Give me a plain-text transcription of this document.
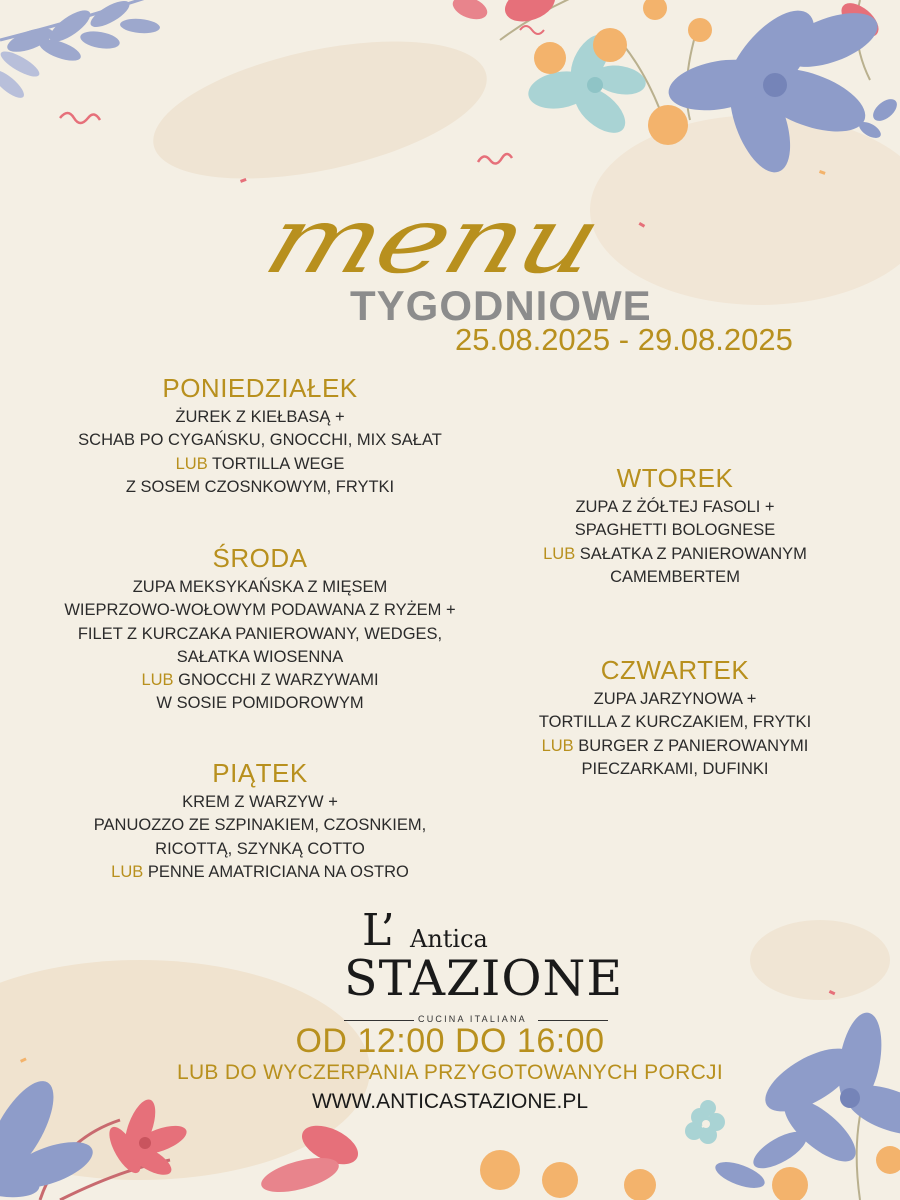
menu
TYGODNIOWE
25.08.2025 - 29.08.2025
PONIEDZIAŁEK
ŻUREK Z KIEŁBASĄ +
SCHAB PO CYGAŃSKU, GNOCCHI, MIX SAŁAT
LUB TORTILLA WEGE
Z SOSEM CZOSNKOWYM, FRYTKI
ŚRODA
ZUPA MEKSYKAŃSKA Z MIĘSEM
WIEPRZOWO-WOŁOWYM PODAWANA Z RYŻEM +
FILET Z KURCZAKA PANIEROWANY, WEDGES,
SAŁATKA WIOSENNA
LUB GNOCCHI Z WARZYWAMI
W SOSIE POMIDOROWYM
PIĄTEK
KREM Z WARZYW +
PANUOZZO ZE SZPINAKIEM, CZOSNKIEM,
RICOTTĄ, SZYNKĄ COTTO
LUB PENNE AMATRICIANA NA OSTRO
WTOREK
ZUPA Z ŻÓŁTEJ FASOLI +
SPAGHETTI BOLOGNESE
LUB SAŁATKA Z PANIEROWANYM
CAMEMBERTEM
CZWARTEK
ZUPA JARZYNOWA +
TORTILLA Z KURCZAKIEM, FRYTKI
LUB BURGER Z PANIEROWANYMI
PIECZARKAMI, DUFINKI
L’ Antica
STAZIONE
CUCINA ITALIANA
OD 12:00 DO 16:00
LUB DO WYCZERPANIA PRZYGOTOWANYCH PORCJI
WWW.ANTICASTAZIONE.PL
